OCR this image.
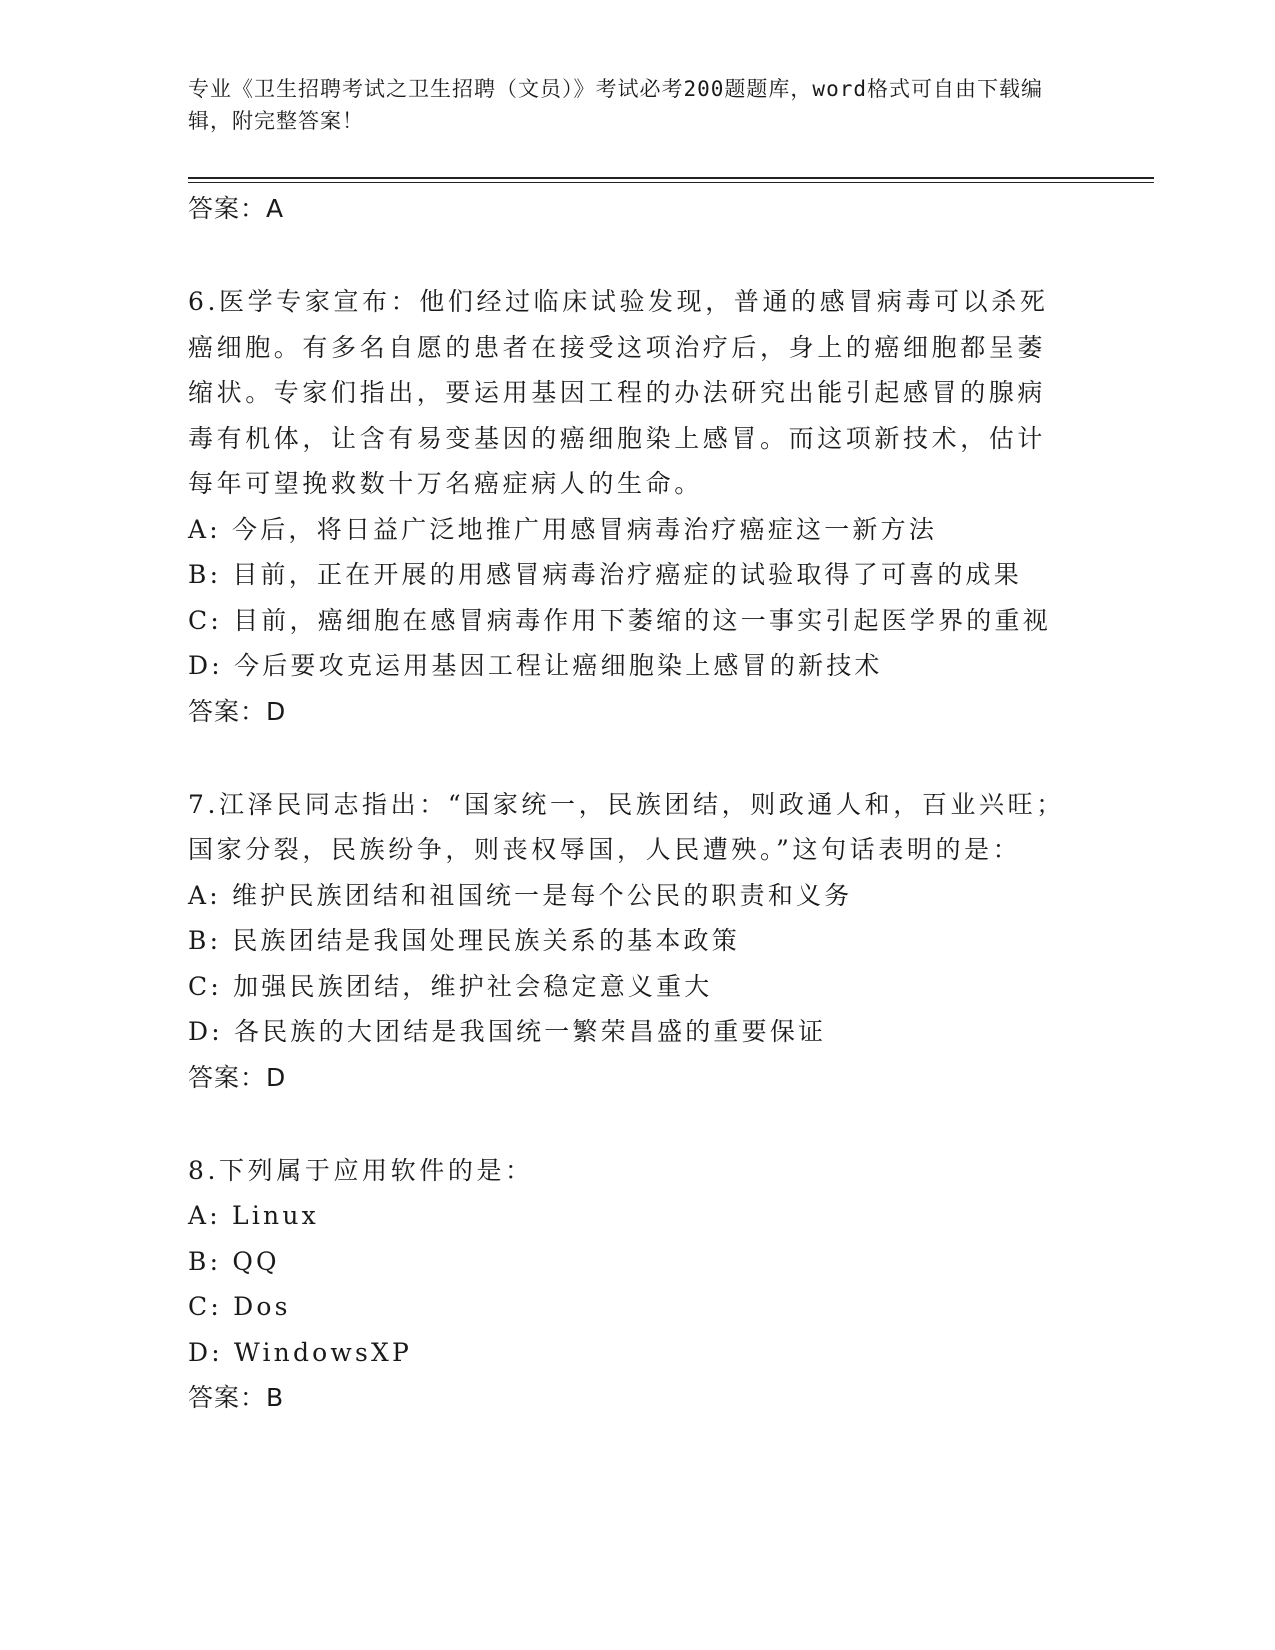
专业《卫生招聘考试之卫生招聘（文员）》考试必考200题题库，word格式可自由下载编辑，附完整答案！

答案：A

6.医学专家宣布：他们经过临床试验发现，普通的感冒病毒可以杀死癌细胞。有多名自愿的患者在接受这项治疗后，身上的癌细胞都呈萎缩状。专家们指出，要运用基因工程的办法研究出能引起感冒的腺病毒有机体，让含有易变基因的癌细胞染上感冒。而这项新技术，估计每年可望挽救数十万名癌症病人的生命。

A: 今后，将日益广泛地推广用感冒病毒治疗癌症这一新方法

B: 目前，正在开展的用感冒病毒治疗癌症的试验取得了可喜的成果

C: 目前，癌细胞在感冒病毒作用下萎缩的这一事实引起医学界的重视

D: 今后要攻克运用基因工程让癌细胞染上感冒的新技术

答案：D

7.江泽民同志指出：“国家统一，民族团结，则政通人和，百业兴旺；国家分裂，民族纷争，则丧权辱国，人民遭殃。”这句话表明的是：

A: 维护民族团结和祖国统一是每个公民的职责和义务

B: 民族团结是我国处理民族关系的基本政策

C: 加强民族团结，维护社会稳定意义重大

D: 各民族的大团结是我国统一繁荣昌盛的重要保证

答案：D

8.下列属于应用软件的是：

A: Linux

B: QQ

C: Dos

D: WindowsXP

答案：B
